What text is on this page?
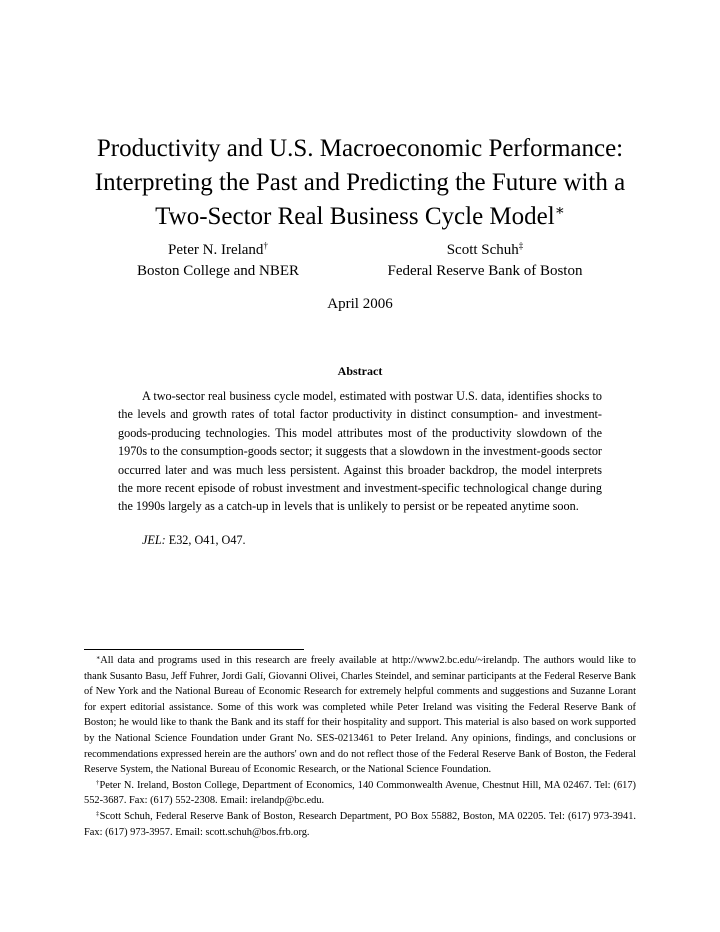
Productivity and U.S. Macroeconomic Performance:
Interpreting the Past and Predicting the Future with a
Two-Sector Real Business Cycle Model∗
Peter N. Ireland†
Boston College and NBER
Scott Schuh‡
Federal Reserve Bank of Boston
April 2006
Abstract

A two-sector real business cycle model, estimated with postwar U.S. data, identifies shocks to the levels and growth rates of total factor productivity in distinct consumption- and investment-goods-producing technologies. This model attributes most of the productivity slowdown of the 1970s to the consumption-goods sector; it suggests that a slowdown in the investment-goods sector occurred later and was much less persistent. Against this broader backdrop, the model interprets the more recent episode of robust investment and investment-specific technological change during the 1990s largely as a catch-up in levels that is unlikely to persist or be repeated anytime soon.

JEL: E32, O41, O47.

∗All data and programs used in this research are freely available at http://www2.bc.edu/~irelandp. The authors would like to thank Susanto Basu, Jeff Fuhrer, Jordi Galí, Giovanni Olivei, Charles Steindel, and seminar participants at the Federal Reserve Bank of New York and the National Bureau of Economic Research for extremely helpful comments and suggestions and Suzanne Lorant for expert editorial assistance. Some of this work was completed while Peter Ireland was visiting the Federal Reserve Bank of Boston; he would like to thank the Bank and its staff for their hospitality and support. This material is also based on work supported by the National Science Foundation under Grant No. SES-0213461 to Peter Ireland. Any opinions, findings, and conclusions or recommendations expressed herein are the authors' own and do not reflect those of the Federal Reserve Bank of Boston, the Federal Reserve System, the National Bureau of Economic Research, or the National Science Foundation.

†Peter N. Ireland, Boston College, Department of Economics, 140 Commonwealth Avenue, Chestnut Hill, MA 02467. Tel: (617) 552-3687. Fax: (617) 552-2308. Email: irelandp@bc.edu.

‡Scott Schuh, Federal Reserve Bank of Boston, Research Department, PO Box 55882, Boston, MA 02205. Tel: (617) 973-3941. Fax: (617) 973-3957. Email: scott.schuh@bos.frb.org.
